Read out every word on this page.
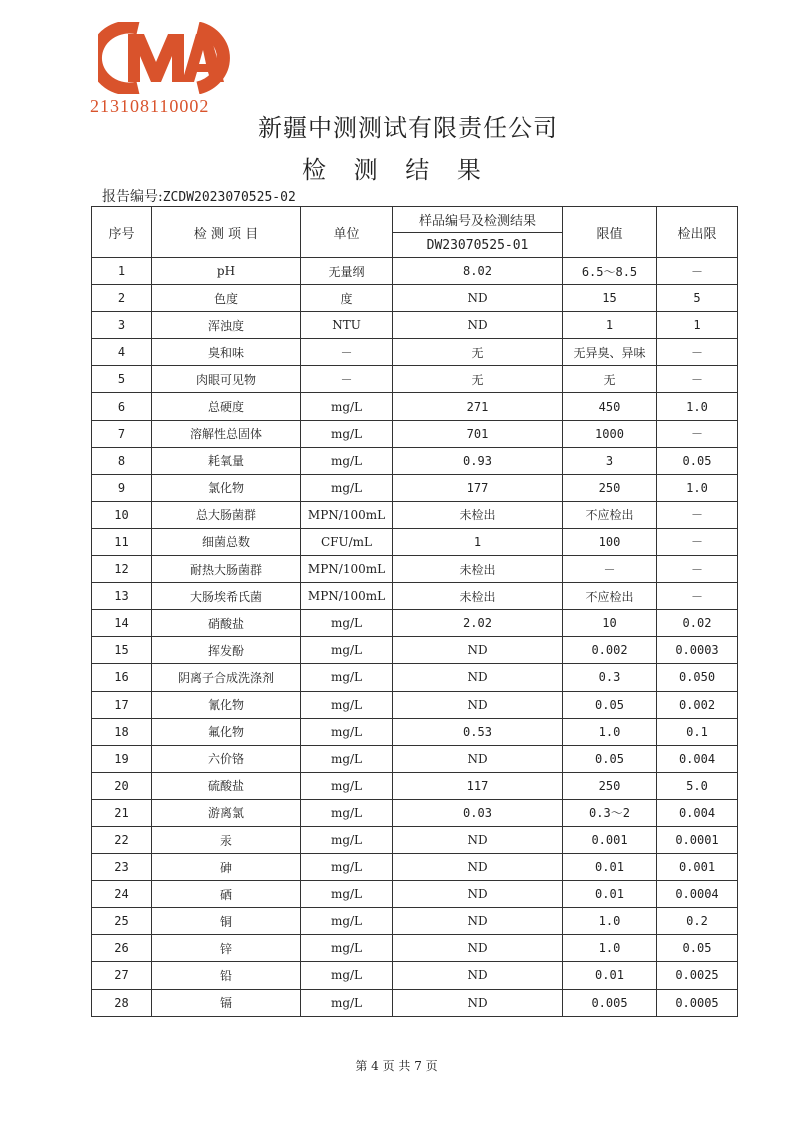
213108110002
新疆中测测试有限责任公司
检 测 结 果
报告编号:ZCDW2023070525-02
序号	检 测 项 目	单位	样品编号及检测结果	限值	检出限
			DW23070525-01		
1	pH	无量纲	8.02	6.5～8.5	－
2	色度	度	ND	15	5
3	浑浊度	NTU	ND	1	1
4	臭和味	－	无	无异臭、异味	－
5	肉眼可见物	－	无	无	－
6	总硬度	mg/L	271	450	1.0
7	溶解性总固体	mg/L	701	1000	－
8	耗氧量	mg/L	0.93	3	0.05
9	氯化物	mg/L	177	250	1.0
10	总大肠菌群	MPN/100mL	未检出	不应检出	－
11	细菌总数	CFU/mL	1	100	－
12	耐热大肠菌群	MPN/100mL	未检出	－	－
13	大肠埃希氏菌	MPN/100mL	未检出	不应检出	－
14	硝酸盐	mg/L	2.02	10	0.02
15	挥发酚	mg/L	ND	0.002	0.0003
16	阴离子合成洗涤剂	mg/L	ND	0.3	0.050
17	氰化物	mg/L	ND	0.05	0.002
18	氟化物	mg/L	0.53	1.0	0.1
19	六价铬	mg/L	ND	0.05	0.004
20	硫酸盐	mg/L	117	250	5.0
21	游离氯	mg/L	0.03	0.3～2	0.004
22	汞	mg/L	ND	0.001	0.0001
23	砷	mg/L	ND	0.01	0.001
24	硒	mg/L	ND	0.01	0.0004
25	铜	mg/L	ND	1.0	0.2
26	锌	mg/L	ND	1.0	0.05
27	铅	mg/L	ND	0.01	0.0025
28	镉	mg/L	ND	0.005	0.0005
第 4 页 共 7 页
